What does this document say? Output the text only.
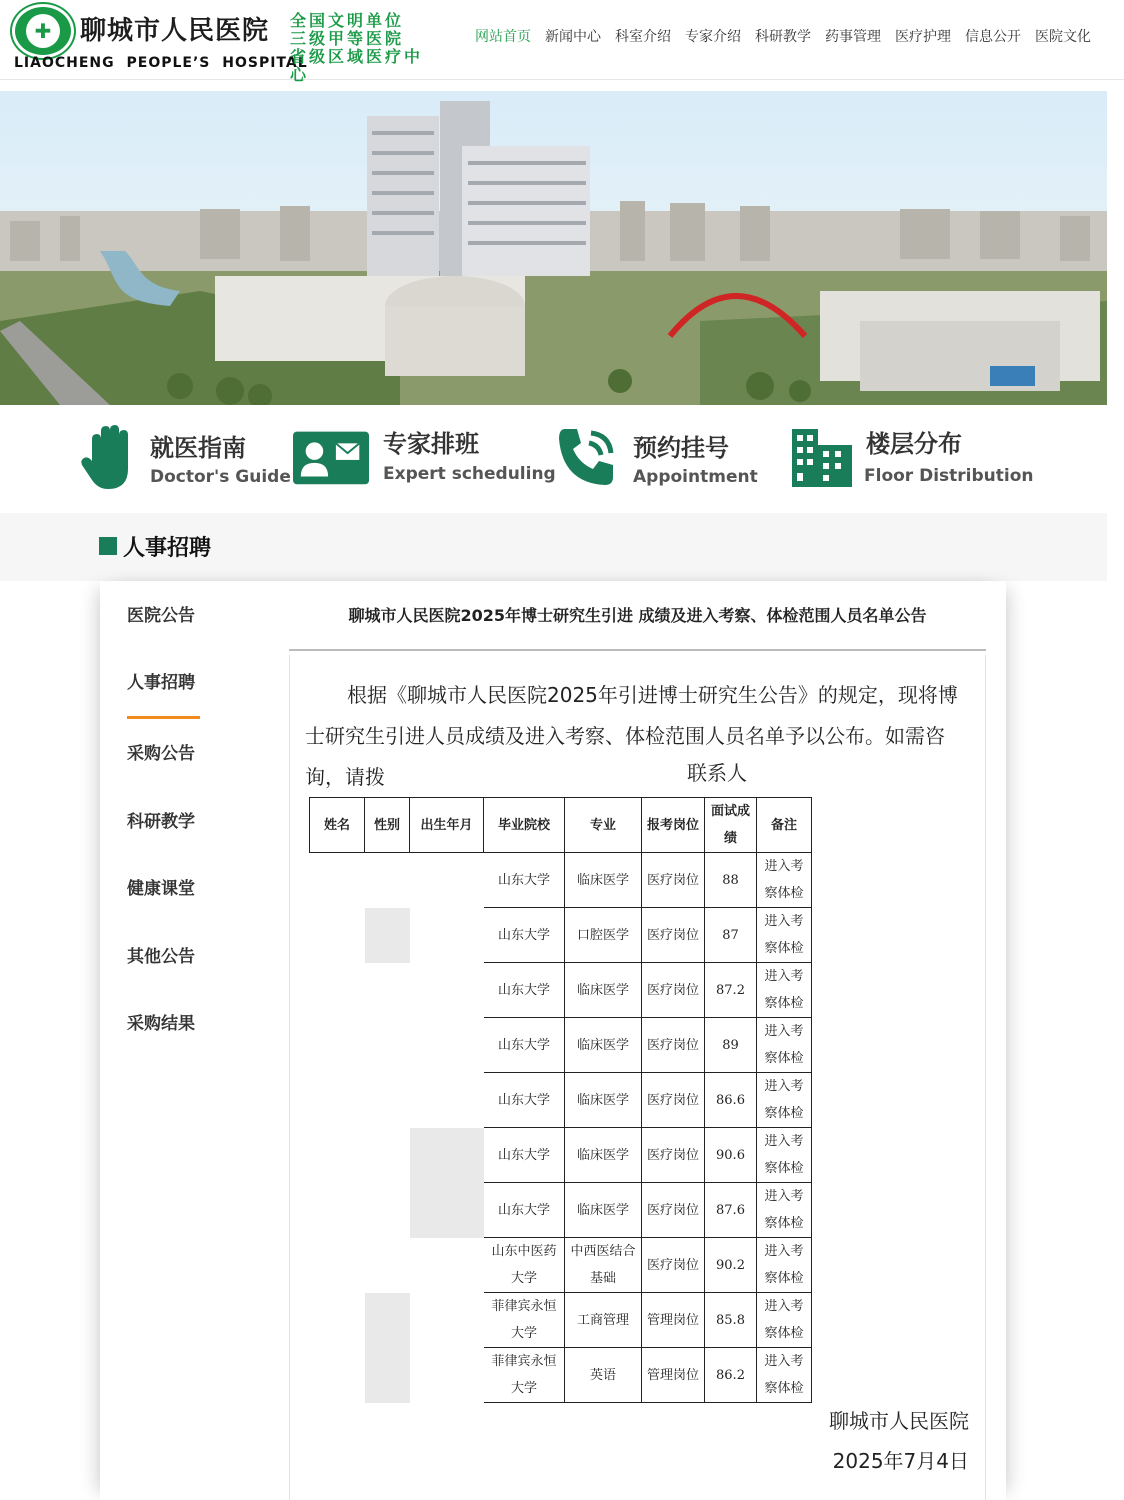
✚	聊城市人民医院
LIAOCHENG PEOPLE’S HOSPITAL
全国文明单位
三级甲等医院
省级区域医疗中心
网站首页 新闻中心 科室介绍 专家介绍 科研教学 药事管理 医疗护理 信息公开 医院文化
就医指南
Doctor's Guide
专家排班
Expert scheduling
预约挂号
Appointment
楼层分布
Floor Distribution
人事招聘
医院公告
人事招聘
采购公告
科研教学
健康课堂
其他公告
采购结果
聊城市人民医院2025年博士研究生引进 成绩及进入考察、体检范围人员名单公告
根据《聊城市人民医院2025年引进博士研究生公告》的规定，现将博士研究生引进人员成绩及进入考察、体检范围人员名单予以公布。如需咨询，请拨	联系人
姓名	性别	出生年月	毕业院校	专业	报考岗位	面试成绩	备注
			山东大学	临床医学	医疗岗位	88	进入考察体检
			山东大学	口腔医学	医疗岗位	87	进入考察体检
			山东大学	临床医学	医疗岗位	87.2	进入考察体检
			山东大学	临床医学	医疗岗位	89	进入考察体检
			山东大学	临床医学	医疗岗位	86.6	进入考察体检
			山东大学	临床医学	医疗岗位	90.6	进入考察体检
			山东大学	临床医学	医疗岗位	87.6	进入考察体检
			山东中医药大学	中西医结合基础	医疗岗位	90.2	进入考察体检
			菲律宾永恒大学	工商管理	管理岗位	85.8	进入考察体检
			菲律宾永恒大学	英语	管理岗位	86.2	进入考察体检
聊城市人民医院
2025年7月4日
